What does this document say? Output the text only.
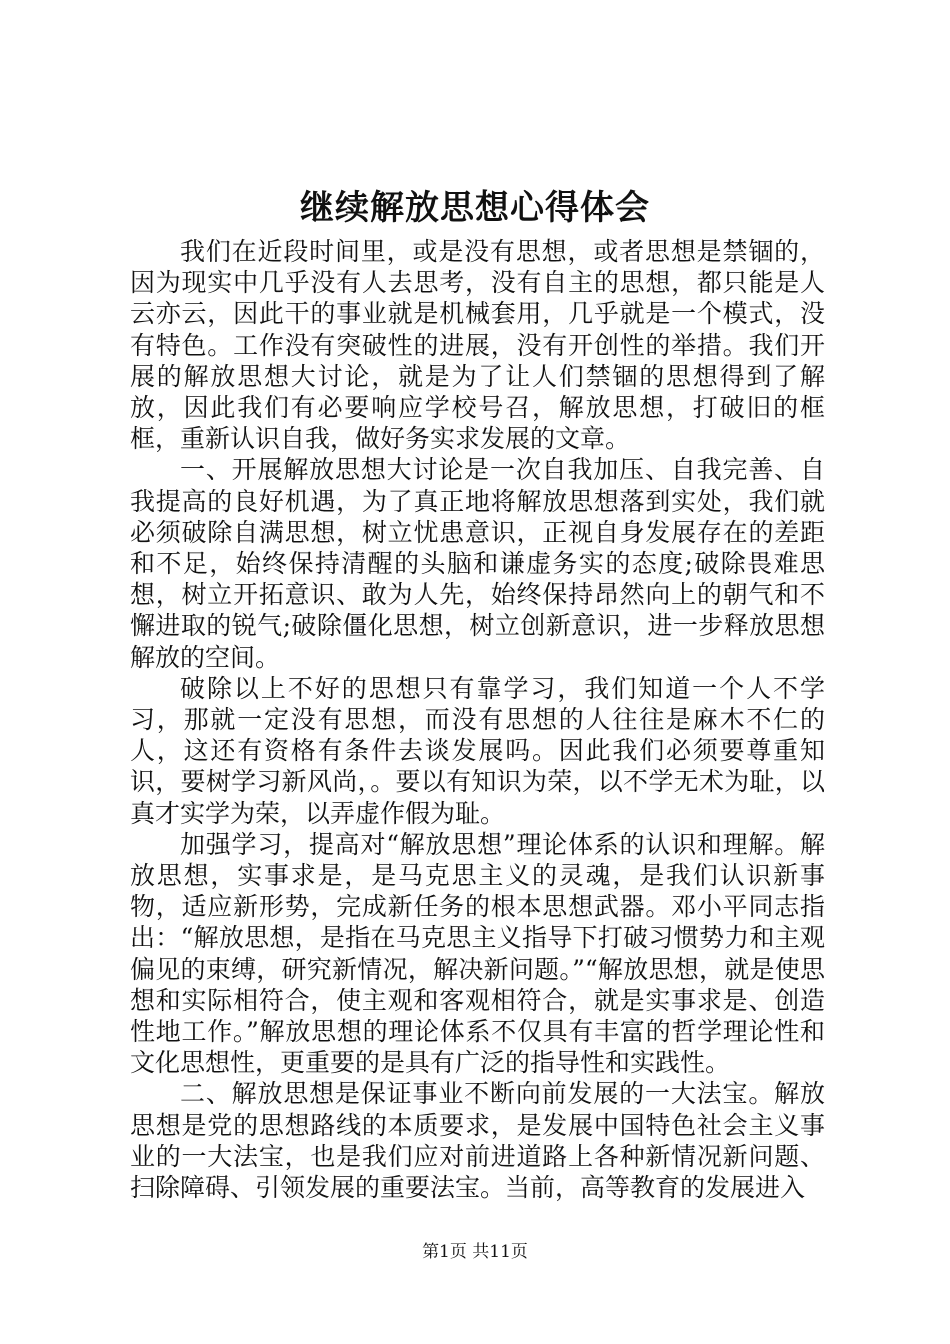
继续解放思想心得体会

我们在近段时间里，或是没有思想，或者思想是禁锢的，因为现实中几乎没有人去思考，没有自主的思想，都只能是人云亦云，因此干的事业就是机械套用，几乎就是一个模式，没有特色。工作没有突破性的进展，没有开创性的举措。我们开展的解放思想大讨论，就是为了让人们禁锢的思想得到了解放，因此我们有必要响应学校号召，解放思想，打破旧的框框，重新认识自我，做好务实求发展的文章。

一、开展解放思想大讨论是一次自我加压、自我完善、自我提高的良好机遇，为了真正地将解放思想落到实处，我们就必须破除自满思想，树立忧患意识，正视自身发展存在的差距和不足，始终保持清醒的头脑和谦虚务实的态度;破除畏难思想，树立开拓意识、敢为人先，始终保持昂然向上的朝气和不懈进取的锐气;破除僵化思想，树立创新意识，进一步释放思想解放的空间。

破除以上不好的思想只有靠学习，我们知道一个人不学习，那就一定没有思想，而没有思想的人往往是麻木不仁的人，这还有资格有条件去谈发展吗。因此我们必须要尊重知识，要树学习新风尚，。要以有知识为荣，以不学无术为耻，以真才实学为荣，以弄虚作假为耻。

加强学习，提高对“解放思想”理论体系的认识和理解。解放思想，实事求是，是马克思主义的灵魂，是我们认识新事物，适应新形势，完成新任务的根本思想武器。邓小平同志指出：“解放思想，是指在马克思主义指导下打破习惯势力和主观偏见的束缚，研究新情况，解决新问题。”“解放思想，就是使思想和实际相符合，使主观和客观相符合，就是实事求是、创造性地工作。”解放思想的理论体系不仅具有丰富的哲学理论性和文化思想性，更重要的是具有广泛的指导性和实践性。

二、解放思想是保证事业不断向前发展的一大法宝。解放思想是党的思想路线的本质要求，是发展中国特色社会主义事业的一大法宝，也是我们应对前进道路上各种新情况新问题、扫除障碍、引领发展的重要法宝。当前，高等教育的发展进入

第1页 共11页
